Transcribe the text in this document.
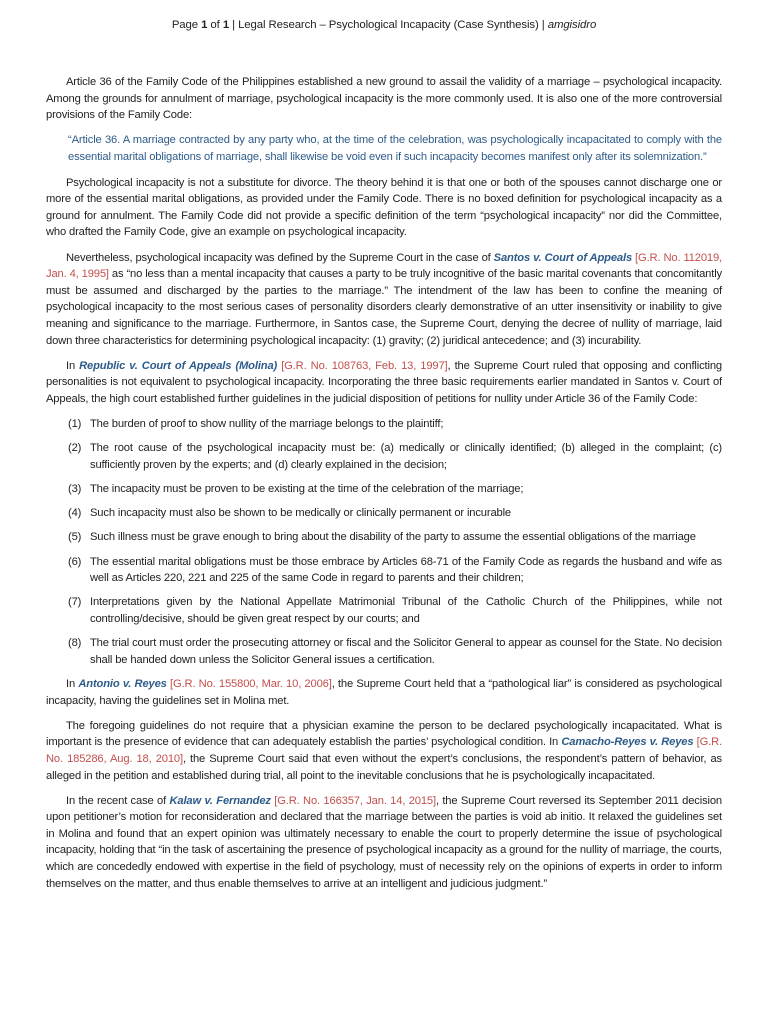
Page 1 of 1 | Legal Research – Psychological Incapacity (Case Synthesis) | amgisidro

Article 36 of the Family Code of the Philippines established a new ground to assail the validity of a marriage – psychological incapacity. Among the grounds for annulment of marriage, psychological incapacity is the more commonly used. It is also one of the more controversial provisions of the Family Code:

“Article 36. A marriage contracted by any party who, at the time of the celebration, was psychologically incapacitated to comply with the essential marital obligations of marriage, shall likewise be void even if such incapacity becomes manifest only after its solemnization.”

Psychological incapacity is not a substitute for divorce. The theory behind it is that one or both of the spouses cannot discharge one or more of the essential marital obligations, as provided under the Family Code. There is no boxed definition for psychological incapacity as a ground for annulment. The Family Code did not provide a specific definition of the term “psychological incapacity” nor did the Committee, who drafted the Family Code, give an example on psychological incapacity.

Nevertheless, psychological incapacity was defined by the Supreme Court in the case of Santos v. Court of Appeals [G.R. No. 112019, Jan. 4, 1995] as “no less than a mental incapacity that causes a party to be truly incognitive of the basic marital covenants that concomitantly must be assumed and discharged by the parties to the marriage.” The intendment of the law has been to confine the meaning of psychological incapacity to the most serious cases of personality disorders clearly demonstrative of an utter insensitivity or inability to give meaning and significance to the marriage. Furthermore, in Santos case, the Supreme Court, denying the decree of nullity of marriage, laid down three characteristics for determining psychological incapacity: (1) gravity; (2) juridical antecedence; and (3) incurability.

In Republic v. Court of Appeals (Molina) [G.R. No. 108763, Feb. 13, 1997], the Supreme Court ruled that opposing and conflicting personalities is not equivalent to psychological incapacity. Incorporating the three basic requirements earlier mandated in Santos v. Court of Appeals, the high court established further guidelines in the judicial disposition of petitions for nullity under Article 36 of the Family Code:

(1) The burden of proof to show nullity of the marriage belongs to the plaintiff;
(2) The root cause of the psychological incapacity must be: (a) medically or clinically identified; (b) alleged in the complaint; (c) sufficiently proven by the experts; and (d) clearly explained in the decision;
(3) The incapacity must be proven to be existing at the time of the celebration of the marriage;
(4) Such incapacity must also be shown to be medically or clinically permanent or incurable
(5) Such illness must be grave enough to bring about the disability of the party to assume the essential obligations of the marriage
(6) The essential marital obligations must be those embrace by Articles 68-71 of the Family Code as regards the husband and wife as well as Articles 220, 221 and 225 of the same Code in regard to parents and their children;
(7) Interpretations given by the National Appellate Matrimonial Tribunal of the Catholic Church of the Philippines, while not controlling/decisive, should be given great respect by our courts; and
(8) The trial court must order the prosecuting attorney or fiscal and the Solicitor General to appear as counsel for the State. No decision shall be handed down unless the Solicitor General issues a certification.

In Antonio v. Reyes [G.R. No. 155800, Mar. 10, 2006], the Supreme Court held that a “pathological liar” is considered as psychological incapacity, having the guidelines set in Molina met.

The foregoing guidelines do not require that a physician examine the person to be declared psychologically incapacitated. What is important is the presence of evidence that can adequately establish the parties’ psychological condition. In Camacho-Reyes v. Reyes [G.R. No. 185286, Aug. 18, 2010], the Supreme Court said that even without the expert’s conclusions, the respondent’s pattern of behavior, as alleged in the petition and established during trial, all point to the inevitable conclusions that he is psychologically incapacitated.

In the recent case of Kalaw v. Fernandez [G.R. No. 166357, Jan. 14, 2015], the Supreme Court reversed its September 2011 decision upon petitioner’s motion for reconsideration and declared that the marriage between the parties is void ab initio. It relaxed the guidelines set in Molina and found that an expert opinion was ultimately necessary to enable the court to properly determine the issue of psychological incapacity, holding that “in the task of ascertaining the presence of psychological incapacity as a ground for the nullity of marriage, the courts, which are concededly endowed with expertise in the field of psychology, must of necessity rely on the opinions of experts in order to inform themselves on the matter, and thus enable themselves to arrive at an intelligent and judicious judgment.”
